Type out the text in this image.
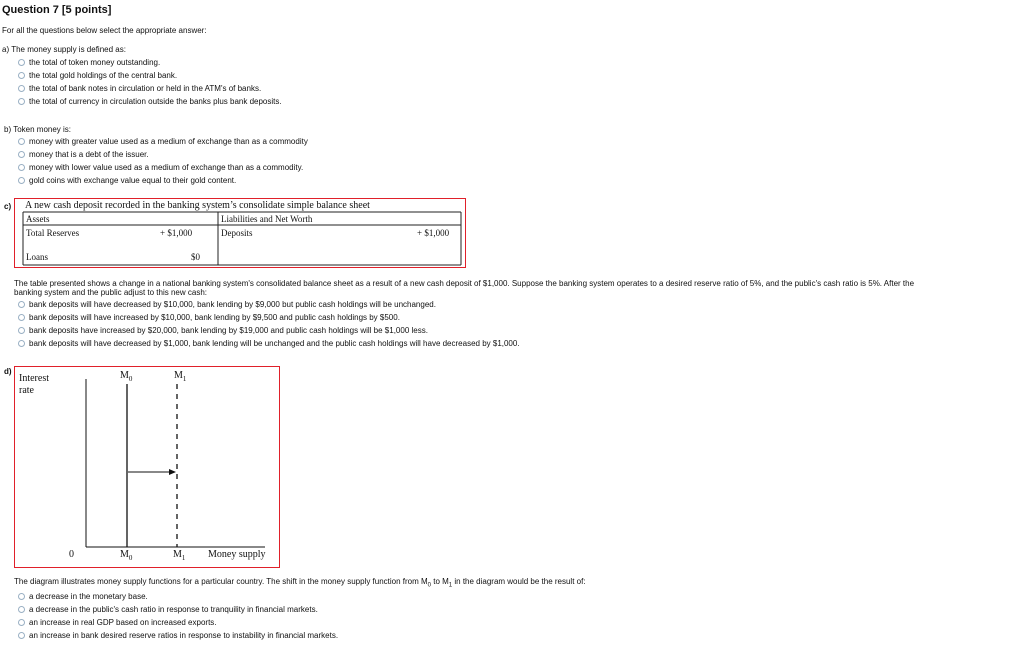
Question 7 [5 points]
For all the questions below select the appropriate answer:
a) The money supply is defined as:
the total of token money outstanding.
the total gold holdings of the central bank.
the total of bank notes in circulation or held in the ATM's of banks.
the total of currency in circulation outside the banks plus bank deposits.
b) Token money is:
money with greater value used as a medium of exchange than as a commodity
money that is a debt of the issuer.
money with lower value used as a medium of exchange than as a commodity.
gold coins with exchange value equal to their gold content.
c) A new cash deposit recorded in the banking system’s consolidate simple balance sheet
Assets	Liabilities and Net Worth
Total Reserves	+ $1,000	Deposits	+ $1,000
Loans	$0
The table presented shows a change in a national banking system's consolidated balance sheet as a result of a new cash deposit of $1,000. Suppose the banking system operates to a desired reserve ratio of 5%, and the public's cash ratio is 5%. After the
banking system and the public adjust to this new cash:
bank deposits will have decreased by $10,000, bank lending by $9,000 but public cash holdings will be unchanged.
bank deposits will have increased by $10,000, bank lending by $9,500 and public cash holdings by $500.
bank deposits have increased by $20,000, bank lending by $19,000 and public cash holdings will be $1,000 less.
bank deposits will have decreased by $1,000, bank lending will be unchanged and the public cash holdings will have decreased by $1,000.
d)
Interest
rate
$M_0$	$M_1$
0	$M_0$	$M_1$ Money supply
The diagram illustrates money supply functions for a particular country. The shift in the money supply function from $M_0$ to $M_1$ in the diagram would be the result of:
a decrease in the monetary base.
a decrease in the public's cash ratio in response to tranquility in financial markets.
an increase in real GDP based on increased exports.
an increase in bank desired reserve ratios in response to instability in financial markets.
